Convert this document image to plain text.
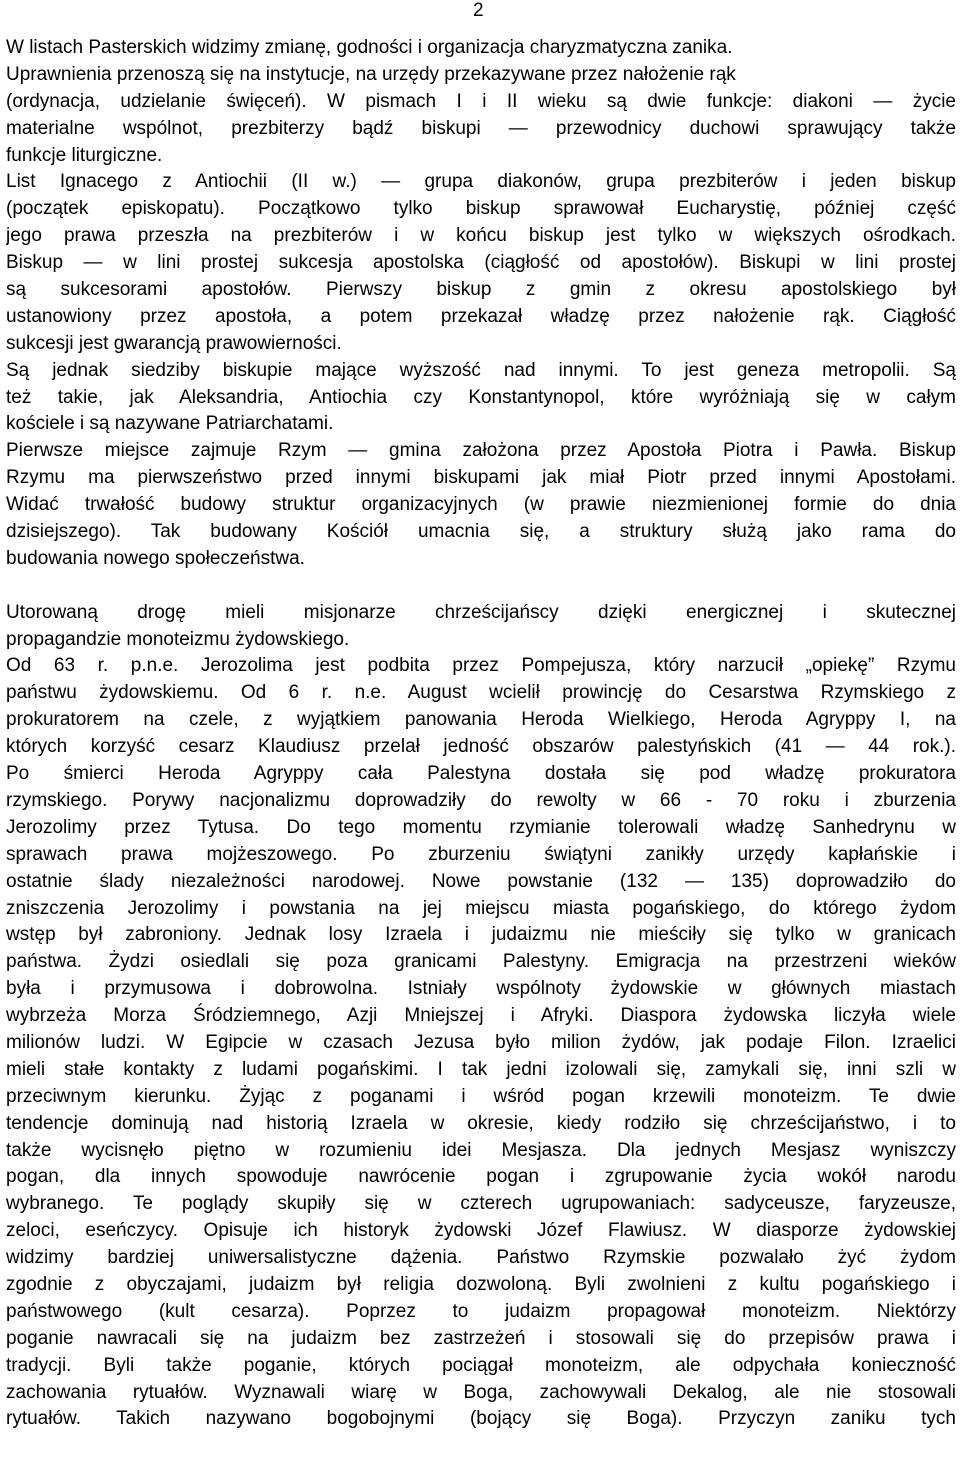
2
W listach Pasterskich widzimy zmianę, godności i organizacja charyzmatyczna zanika.
Uprawnienia przenoszą się na instytucje, na urzędy przekazywane przez nałożenie rąk
(ordynacja, udzielanie święceń). W pismach I i II wieku są dwie funkcje: diakoni — życie
materialne wspólnot, prezbiterzy bądź biskupi — przewodnicy duchowi sprawujący także
funkcje liturgiczne.
List Ignacego z Antiochii (II w.) — grupa diakonów, grupa prezbiterów i jeden biskup
(początek episkopatu). Początkowo tylko biskup sprawował Eucharystię, później część
jego prawa przeszła na prezbiterów i w końcu biskup jest tylko w większych ośrodkach.
Biskup — w lini prostej sukcesja apostolska (ciągłość od apostołów). Biskupi w lini prostej
są sukcesorami apostołów. Pierwszy biskup z gmin z okresu apostolskiego był
ustanowiony przez apostoła, a potem przekazał władzę przez nałożenie rąk. Ciągłość
sukcesji jest gwarancją prawowierności.
Są jednak siedziby biskupie mające wyższość nad innymi. To jest geneza metropolii. Są
też takie, jak Aleksandria, Antiochia czy Konstantynopol, które wyróżniają się w całym
kościele i są nazywane Patriarchatami.
Pierwsze miejsce zajmuje Rzym — gmina założona przez Apostoła Piotra i Pawła. Biskup
Rzymu ma pierwszeństwo przed innymi biskupami jak miał Piotr przed innymi Apostołami.
Widać trwałość budowy struktur organizacyjnych (w prawie niezmienionej formie do dnia
dzisiejszego). Tak budowany Kościół umacnia się, a struktury służą jako rama do
budowania nowego społeczeństwa.
Utorowaną drogę mieli misjonarze chrześcijańscy dzięki energicznej i skutecznej
propagandzie monoteizmu żydowskiego.
Od 63 r. p.n.e. Jerozolima jest podbita przez Pompejusza, który narzucił „opiekę” Rzymu
państwu żydowskiemu. Od 6 r. n.e. August wcielił prowincję do Cesarstwa Rzymskiego z
prokuratorem na czele, z wyjątkiem panowania Heroda Wielkiego, Heroda Agryppy I, na
których korzyść cesarz Klaudiusz przelał jedność obszarów palestyńskich (41 — 44 rok.).
Po śmierci Heroda Agryppy cała Palestyna dostała się pod władzę prokuratora
rzymskiego. Porywy nacjonalizmu doprowadziły do rewolty w 66 - 70 roku i zburzenia
Jerozolimy przez Tytusa. Do tego momentu rzymianie tolerowali władzę Sanhedrynu w
sprawach prawa mojżeszowego. Po zburzeniu świątyni zanikły urzędy kapłańskie i
ostatnie ślady niezależności narodowej. Nowe powstanie (132 — 135) doprowadziło do
zniszczenia Jerozolimy i powstania na jej miejscu miasta pogańskiego, do którego żydom
wstęp był zabroniony. Jednak losy Izraela i judaizmu nie mieściły się tylko w granicach
państwa. Żydzi osiedlali się poza granicami Palestyny. Emigracja na przestrzeni wieków
była i przymusowa i dobrowolna. Istniały wspólnoty żydowskie w głównych miastach
wybrzeża Morza Śródziemnego, Azji Mniejszej i Afryki. Diaspora żydowska liczyła wiele
milionów ludzi. W Egipcie w czasach Jezusa było milion żydów, jak podaje Filon. Izraelici
mieli stałe kontakty z ludami pogańskimi. I tak jedni izolowali się, zamykali się, inni szli w
przeciwnym kierunku. Żyjąc z poganami i wśród pogan krzewili monoteizm. Te dwie
tendencje dominują nad historią Izraela w okresie, kiedy rodziło się chrześcijaństwo, i to
także wycisnęło piętno w rozumieniu idei Mesjasza. Dla jednych Mesjasz wyniszczy
pogan, dla innych spowoduje nawrócenie pogan i zgrupowanie życia wokół narodu
wybranego. Te poglądy skupiły się w czterech ugrupowaniach: sadyceusze, faryzeusze,
zeloci, eseńczycy. Opisuje ich historyk żydowski Józef Flawiusz. W diasporze żydowskiej
widzimy bardziej uniwersalistyczne dążenia. Państwo Rzymskie pozwalało żyć żydom
zgodnie z obyczajami, judaizm był religia dozwoloną. Byli zwolnieni z kultu pogańskiego i
państwowego (kult cesarza). Poprzez to judaizm propagował monoteizm. Niektórzy
poganie nawracali się na judaizm bez zastrzeżeń i stosowali się do przepisów prawa i
tradycji. Byli także poganie, których pociągał monoteizm, ale odpychała konieczność
zachowania rytuałów. Wyznawali wiarę w Boga, zachowywali Dekalog, ale nie stosowali
rytuałów. Takich nazywano bogobojnymi (bojący się Boga). Przyczyn zaniku tych
